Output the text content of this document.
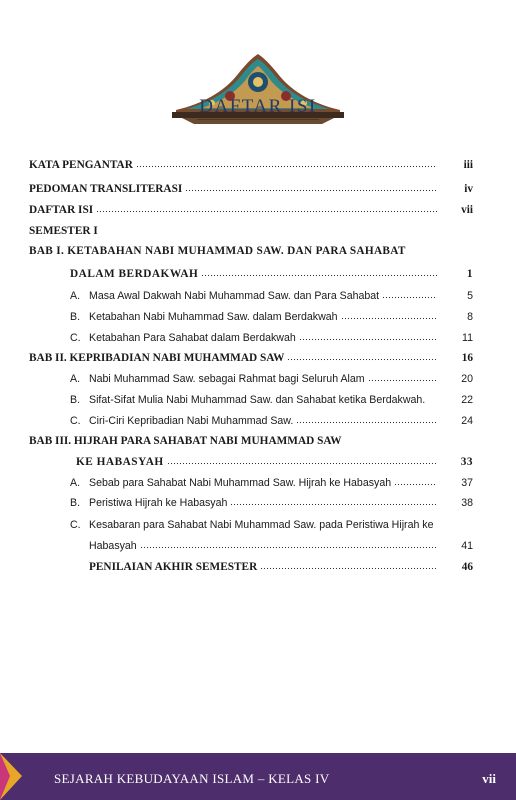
DAFTAR ISI
KATA PENGANTAR	iii
PEDOMAN TRANSLITERASI	iv
DAFTAR ISI	vii
SEMESTER I
BAB I. KETABAHAN NABI MUHAMMAD SAW. DAN PARA SAHABAT
DALAM BERDAKWAH	1
A. Masa Awal Dakwah Nabi Muhammad Saw. dan Para Sahabat	5
B. Ketabahan Nabi Muhammad Saw. dalam Berdakwah	8
C. Ketabahan Para Sahabat dalam Berdakwah	11
BAB II. KEPRIBADIAN NABI MUHAMMAD SAW	16
A. Nabi Muhammad Saw. sebagai Rahmat bagi Seluruh Alam	20
B. Sifat-Sifat Mulia Nabi Muhammad Saw. dan Sahabat ketika Berdakwah.	22
C. Ciri-Ciri Kepribadian Nabi Muhammad Saw.	24
BAB III. HIJRAH PARA SAHABAT NABI MUHAMMAD SAW
KE HABASYAH	33
A. Sebab para Sahabat Nabi Muhammad Saw. Hijrah ke Habasyah	37
B. Peristiwa Hijrah ke Habasyah	38
C. Kesabaran para Sahabat Nabi Muhammad Saw. pada Peristiwa Hijrah ke
Habasyah	41
PENILAIAN AKHIR SEMESTER	46
SEJARAH KEBUDAYAAN ISLAM – KELAS IV	vii
